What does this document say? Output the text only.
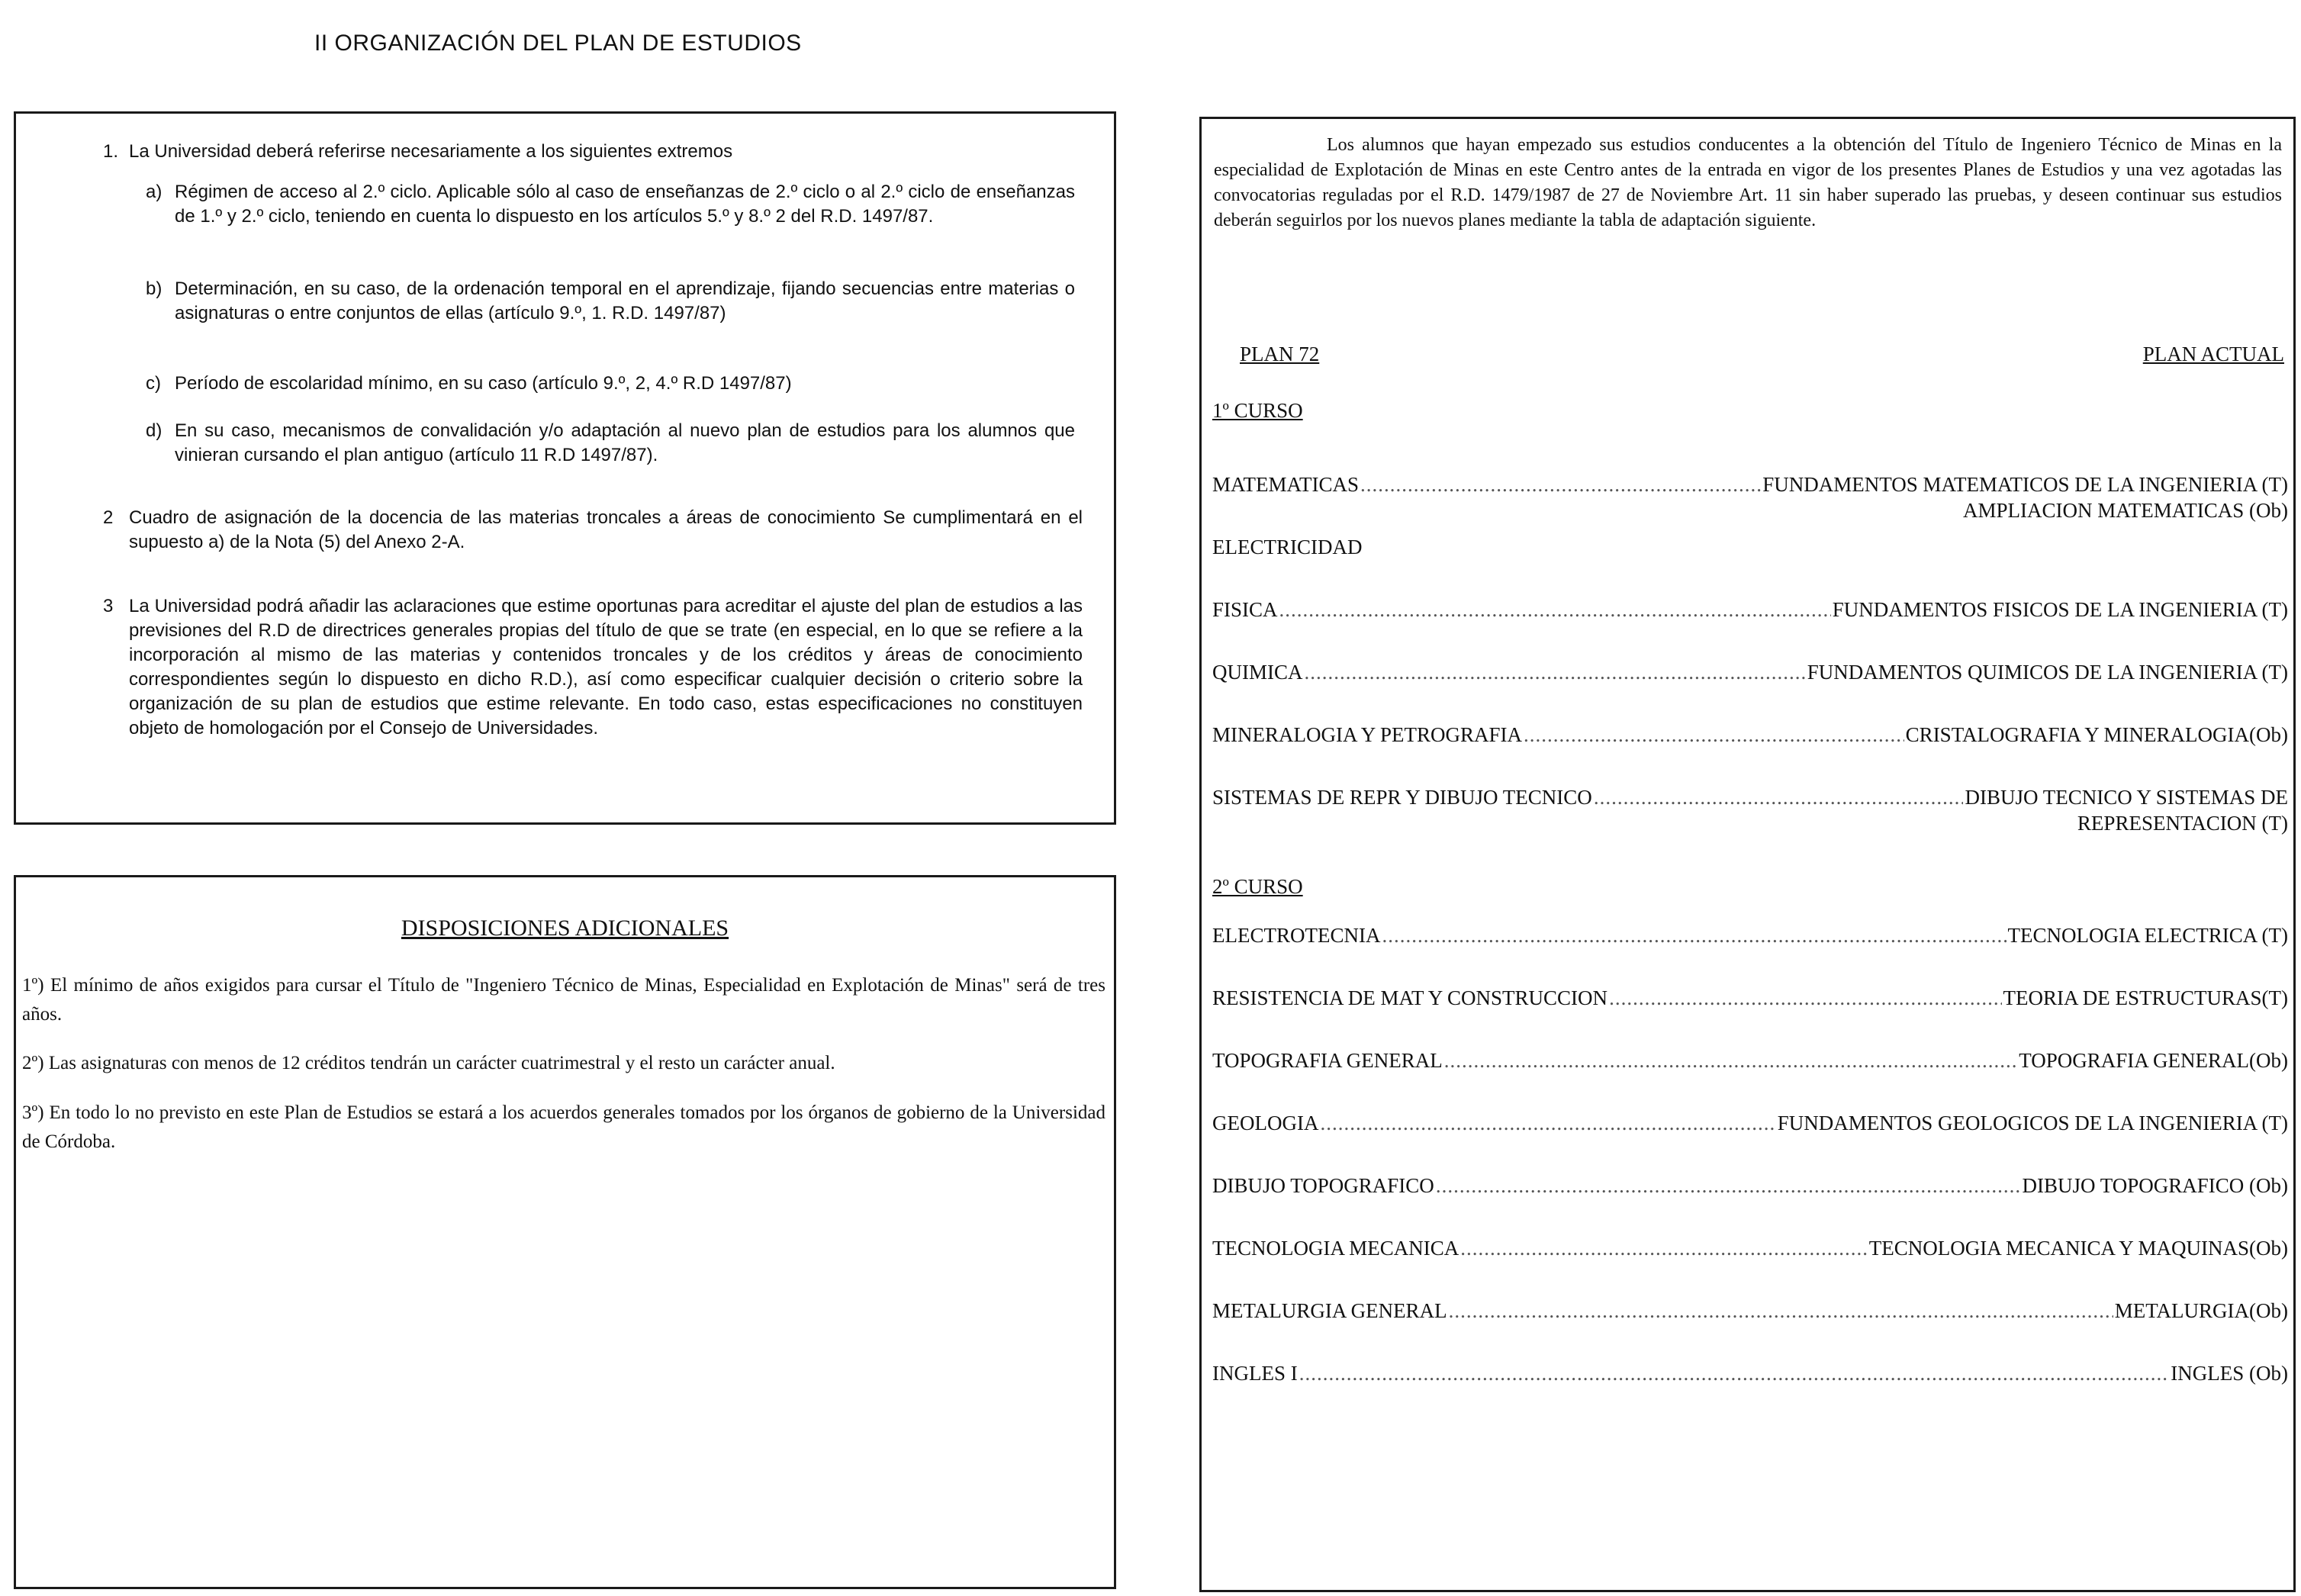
II ORGANIZACIÓN DEL PLAN DE ESTUDIOS
1. La Universidad deberá referirse necesariamente a los siguientes extremos
a) Régimen de acceso al 2.º ciclo. Aplicable sólo al caso de enseñanzas de 2.º ciclo o al 2.º ciclo de enseñanzas de 1.º y 2.º ciclo, teniendo en cuenta lo dispuesto en los artículos 5.º y 8.º 2 del R.D. 1497/87.
b) Determinación, en su caso, de la ordenación temporal en el aprendizaje, fijando secuencias entre materias o asignaturas o entre conjuntos de ellas (artículo 9.º, 1. R.D. 1497/87)
c) Período de escolaridad mínimo, en su caso (artículo 9.º, 2, 4.º R.D 1497/87)
d) En su caso, mecanismos de convalidación y/o adaptación al nuevo plan de estudios para los alumnos que vinieran cursando el plan antiguo (artículo 11 R.D 1497/87).
2 Cuadro de asignación de la docencia de las materias troncales a áreas de conocimiento Se cumplimentará en el supuesto a) de la Nota (5) del Anexo 2-A.
3 La Universidad podrá añadir las aclaraciones que estime oportunas para acreditar el ajuste del plan de estudios a las previsiones del R.D de directrices generales propias del título de que se trate (en especial, en lo que se refiere a la incorporación al mismo de las materias y contenidos troncales y de los créditos y áreas de conocimiento correspondientes según lo dispuesto en dicho R.D.), así como especificar cualquier decisión o criterio sobre la organización de su plan de estudios que estime relevante. En todo caso, estas especificaciones no constituyen objeto de homologación por el Consejo de Universidades.
DISPOSICIONES ADICIONALES
1º) El mínimo de años exigidos para cursar el Título de "Ingeniero Técnico de Minas, Especialidad en Explotación de Minas" será de tres años.
2º) Las asignaturas con menos de 12 créditos tendrán un carácter cuatrimestral y el resto un carácter anual.
3º) En todo lo no previsto en este Plan de Estudios se estará a los acuerdos generales tomados por los órganos de gobierno de la Universidad de Córdoba.
Los alumnos que hayan empezado sus estudios conducentes a la obtención del Título de Ingeniero Técnico de Minas en la especialidad de Explotación de Minas en este Centro antes de la entrada en vigor de los presentes Planes de Estudios y una vez agotadas las convocatorias reguladas por el R.D. 1479/1987 de 27 de Noviembre Art. 11 sin haber superado las pruebas, y deseen continuar sus estudios deberán seguirlos por los nuevos planes mediante la tabla de adaptación siguiente.
PLAN 72	PLAN ACTUAL
1º CURSO
MATEMATICAS .....	FUNDAMENTOS MATEMATICOS DE LA INGENIERIA (T)
AMPLIACION MATEMATICAS (Ob)
ELECTRICIDAD
FISICA .....	FUNDAMENTOS FISICOS DE LA INGENIERIA (T)
QUIMICA .....	FUNDAMENTOS QUIMICOS DE LA INGENIERIA (T)
MINERALOGIA Y PETROGRAFIA .....	CRISTALOGRAFIA Y MINERALOGIA(Ob)
SISTEMAS DE REPR Y DIBUJO TECNICO .....	DIBUJO TECNICO Y SISTEMAS DE
REPRESENTACION (T)
2º CURSO
ELECTROTECNIA .....	TECNOLOGIA ELECTRICA (T)
RESISTENCIA DE MAT Y CONSTRUCCION .....	TEORIA DE ESTRUCTURAS(T)
TOPOGRAFIA GENERAL .....	TOPOGRAFIA GENERAL(Ob)
GEOLOGIA .....	FUNDAMENTOS GEOLOGICOS DE LA INGENIERIA (T)
DIBUJO TOPOGRAFICO .....	DIBUJO TOPOGRAFICO (Ob)
TECNOLOGIA MECANICA .....	TECNOLOGIA MECANICA Y MAQUINAS(Ob)
METALURGIA GENERAL .....	METALURGIA(Ob)
INGLES I .....	INGLES (Ob)
